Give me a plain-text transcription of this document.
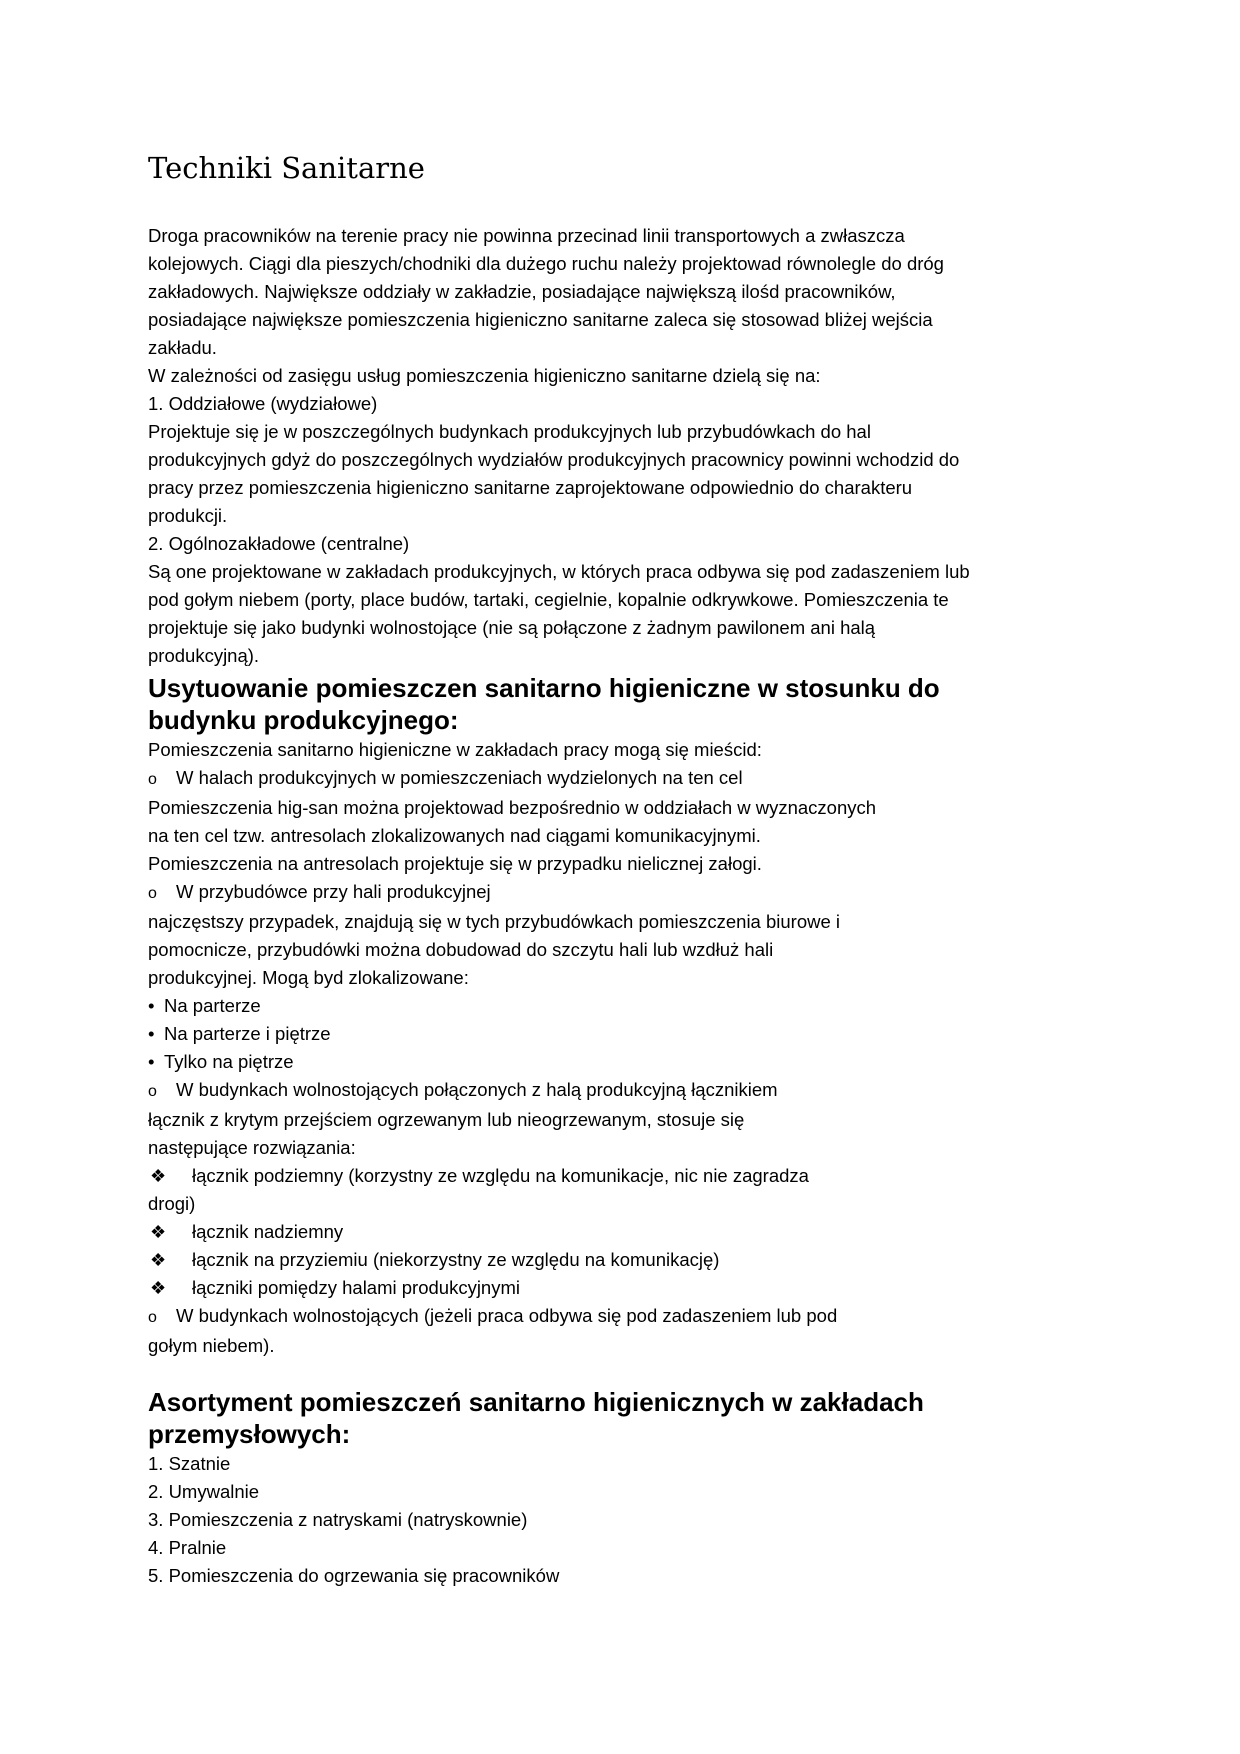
Techniki Sanitarne
Droga pracowników na terenie pracy nie powinna przecinad linii transportowych a zwłaszcza
kolejowych. Ciągi dla pieszych/chodniki dla dużego ruchu należy projektowad równolegle do dróg
zakładowych. Największe oddziały w zakładzie, posiadające największą ilośd pracowników,
posiadające największe pomieszczenia higieniczno sanitarne zaleca się stosowad bliżej wejścia
zakładu.
W zależności od zasięgu usług pomieszczenia higieniczno sanitarne dzielą się na:
1. Oddziałowe (wydziałowe)
Projektuje się je w poszczególnych budynkach produkcyjnych lub przybudówkach do hal
produkcyjnych gdyż do poszczególnych wydziałów produkcyjnych pracownicy powinni wchodzid do
pracy przez pomieszczenia higieniczno sanitarne zaprojektowane odpowiednio do charakteru
produkcji.
2. Ogólnozakładowe (centralne)
Są one projektowane w zakładach produkcyjnych, w których praca odbywa się pod zadaszeniem lub
pod gołym niebem (porty, place budów, tartaki, cegielnie, kopalnie odkrywkowe. Pomieszczenia te
projektuje się jako budynki wolnostojące (nie są połączone z żadnym pawilonem ani halą
produkcyjną).
Usytuowanie pomieszczen sanitarno higieniczne w stosunku do
budynku produkcyjnego:
Pomieszczenia sanitarno higieniczne w zakładach pracy mogą się mieścid:
o W halach produkcyjnych w pomieszczeniach wydzielonych na ten cel
Pomieszczenia hig-san można projektowad bezpośrednio w oddziałach w wyznaczonych
na ten cel tzw. antresolach zlokalizowanych nad ciągami komunikacyjnymi.
Pomieszczenia na antresolach projektuje się w przypadku nielicznej załogi.
o W przybudówce przy hali produkcyjnej
najczęstszy przypadek, znajdują się w tych przybudówkach pomieszczenia biurowe i
pomocnicze, przybudówki można dobudowad do szczytu hali lub wzdłuż hali
produkcyjnej. Mogą byd zlokalizowane:
• Na parterze
• Na parterze i piętrze
• Tylko na piętrze
o W budynkach wolnostojących połączonych z halą produkcyjną łącznikiem
łącznik z krytym przejściem ogrzewanym lub nieogrzewanym, stosuje się
następujące rozwiązania:
❖ łącznik podziemny (korzystny ze względu na komunikacje, nic nie zagradza
drogi)
❖ łącznik nadziemny
❖ łącznik na przyziemiu (niekorzystny ze względu na komunikację)
❖ łączniki pomiędzy halami produkcyjnymi
o W budynkach wolnostojących (jeżeli praca odbywa się pod zadaszeniem lub pod
gołym niebem).
Asortyment pomieszczeń sanitarno higienicznych w zakładach
przemysłowych:
1. Szatnie
2. Umywalnie
3. Pomieszczenia z natryskami (natryskownie)
4. Pralnie
5. Pomieszczenia do ogrzewania się pracowników
